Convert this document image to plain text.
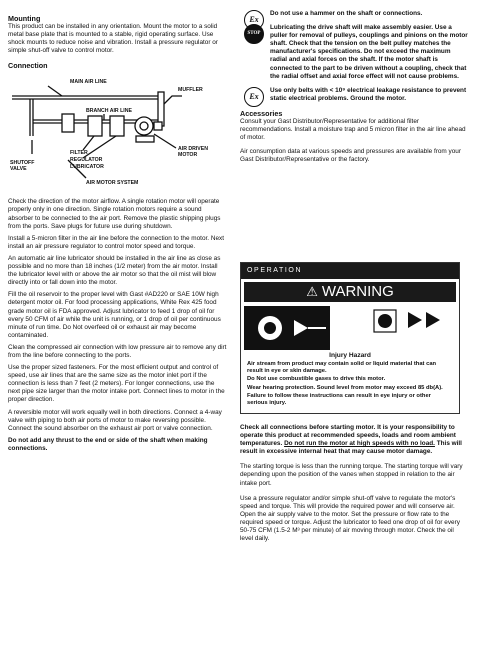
Mounting

This product can be installed in any orientation. Mount the motor to a solid metal base plate that is mounted to a stable, rigid operating surface. Use shock mounts to reduce noise and vibration. Install a pressure regulator or simple shut-off valve to control motor.

Connection

MAIN AIR LINE
MUFFLER
BRANCH AIR LINE
AIR DRIVEN
MOTOR
SHUTOFF
VALVE
FILTER
REGULATOR
LUBRICATOR
AIR MOTOR SYSTEM

Check the direction of the motor airflow. A single rotation motor will operate properly only in one direction. Single rotation motors require a sound absorber to be connected to the air port. Remove the plastic shipping plugs from the ports. Save plugs for future use during shutdown.

Install a 5-micron filter in the air line before the connection to the motor. Next install an air pressure regulator to control motor speed and torque.

An automatic air line lubricator should be installed in the air line as close as possible and no more than 18 inches (1/2 meter) from the air motor. Install the lubricator level with or above the air motor so that the oil mist will blow directly into or fall down into the motor.

Fill the oil reservoir to the proper level with Gast #AD220 or SAE 10W high detergent motor oil. For food processing applications, White Rex 425 food grade motor oil is FDA approved. Adjust lubricator to feed 1 drop of oil for every 50 CFM of air while the unit is running, or 1 drop of oil per continuous minute of run time. Do Not overfeed oil or exhaust air may become contaminated.

Clean the compressed air connection with low pressure air to remove any dirt from the line before connecting to the ports.

Use the proper sized fasteners. For the most efficient output and control of speed, use air lines that are the same size as the motor inlet port if the connection is less than 7 feet (2 meters). For longer connections, use the next pipe size larger than the motor intake port. Connect lines to motor in the proper direction.

A reversible motor will work equally well in both directions. Connect a 4-way valve with piping to both air ports of motor to make reversing possible. Connect the sound absorber on the exhaust air port or valve connection.

Do not add any thrust to the end or side of the shaft when making connections.

Ex

Do not use a hammer on the shaft or connections.

STOP

Lubricating the drive shaft will make assembly easier. Use a puller for removal of pulleys, couplings and pinions on the motor shaft. Check that the tension on the belt pulley matches the manufacturer's specifications. Do not exceed the maximum radial and axial forces on the shaft. If the motor shaft is connected to the part to be driven without a coupling, check that the radial offset and axial force effect will not cause problems.

Ex

Use only belts with < 10⁹ electrical leakage resistance to prevent static electrical problems. Ground the motor.

Accessories

Consult your Gast Distributor/Representative for additional filter recommendations. Install a moisture trap and 5 micron filter in the air line ahead of motor.

Air consumption data at various speeds and pressures are available from your Gast Distributor/Representative or the factory.

OPERATION
⚠ WARNING
Injury Hazard

Air stream from product may contain solid or liquid material that can result in eye or skin damage.

Do Not use combustible gases to drive this motor.

Wear hearing protection. Sound level from motor may exceed 85 db(A).

Failure to follow these instructions can result in eye injury or other serious injury.

Check all connections before starting motor. It is your responsibility to operate this product at recommended speeds, loads and room ambient temperatures. Do not run the motor at high speeds with no load. This will result in excessive internal heat that may cause motor damage.

The starting torque is less than the running torque. The starting torque will vary depending upon the position of the vanes when stopped in relation to the air intake port.

Use a pressure regulator and/or simple shut-off valve to regulate the motor's speed and torque. This will provide the required power and will conserve air. Open the air supply valve to the motor. Set the pressure or flow rate to the required speed or torque. Adjust the lubricator to feed one drop of oil for every 50-75 CFM (1.5-2 M³ per minute) of air moving through motor. Check the oil level daily.
